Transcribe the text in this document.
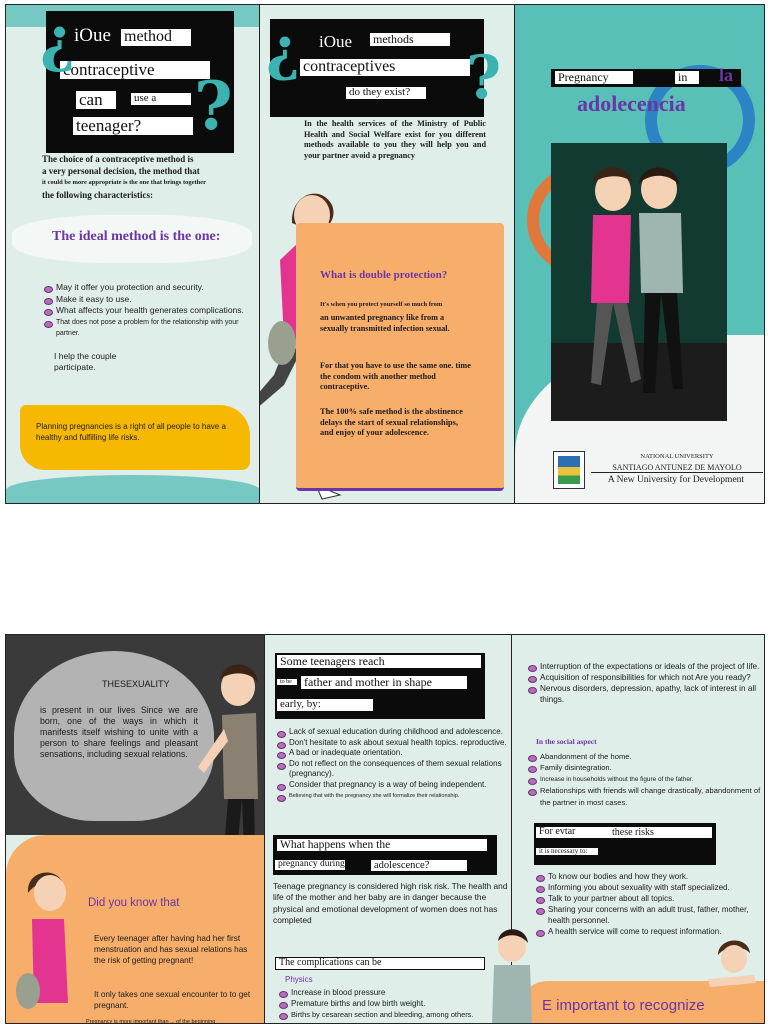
iOue method
contraceptive
can	use a
teenager?
¿
?
The choice of a contraceptive method is
a very personal decision, the method that
it could be more appropriate is the one that brings together
the following characteristics:
The ideal method is the one:
May it offer you protection and security.
Make it easy to use.
What affects your health generates complications.
That does not pose a problem for the relationship with your partner.
I help the couple participate.
Planning pregnancies is a right of all people to have a healthy and fulfilling life risks.
iOue methods
contraceptives
do they exist?
¿	?
In the health services of the Ministry of Public Health and Social Welfare exist for you different methods available to you they will help you and your partner avoid a pregnancy
What is double protection?
It's when you protect yourself so much from
an unwanted pregnancy like from a sexually transmitted infection sexual.
For that you have to use the same one. time the condom with another method contraceptive.
The 100% safe method is the abstinence delays the start of sexual relationships, and enjoy of your adolescence.
Pregnancy	in	la
adolecencia
NATIONAL UNIVERSITY
SANTIAGO ANTUNEZ DE MAYOLO
A New University for Development
THESEXUALITY
is present in our lives Since we are born, one of the ways in which it manifests itself wishing to unite with a person to share feelings and pleasant sensations, including sexual relations.
Did you know that
Every teenager after having had her first menstruation and has sexual relations has the risk of getting pregnant!
It only takes one sexual encounter to to get pregnant.
Pregnancy is more important than ... of the beginning
Some teenagers reach
to be	father and mother in shape
early, by:
Lack of sexual education during childhood and adolescence.
Don't hesitate to ask about sexual health topics. reproductive.
A bad or inadequate orientation.
Do not reflect on the consequences of them sexual relations (pregnancy).
Consider that pregnancy is a way of being independent.
Believing that with the pregnancy she will formalize their relationship.
What happens when the
pregnancy during	adolescence?
Teenage pregnancy is considered high risk risk. The health and life of the mother and her baby are in danger because the physical and emotional development of women does not has completed
The complications can be
Physics
Increase in blood pressure
Premature births and low birth weight.
Births by cesarean section and bleeding, among others.
Interruption of the expectations or ideals of the project of life.
Acquisition of responsibilities for which not Are you ready?
Nervous disorders, depression, apathy, lack of interest in all things.
In the social aspect
Abandonment of the home.
Family disintegration.
Increase in households without the figure of the father.
Relationships with friends will change drastically, abandonment of the partner in most cases.
For evtar	these risks
it is necessary to:
To know our bodies and how they work.
Informing you about sexuality with staff specialized.
Talk to your partner about all topics.
Sharing your concerns with an adult trust, father, mother, health personnel.
A health service will come to request information.
E important to recognize
